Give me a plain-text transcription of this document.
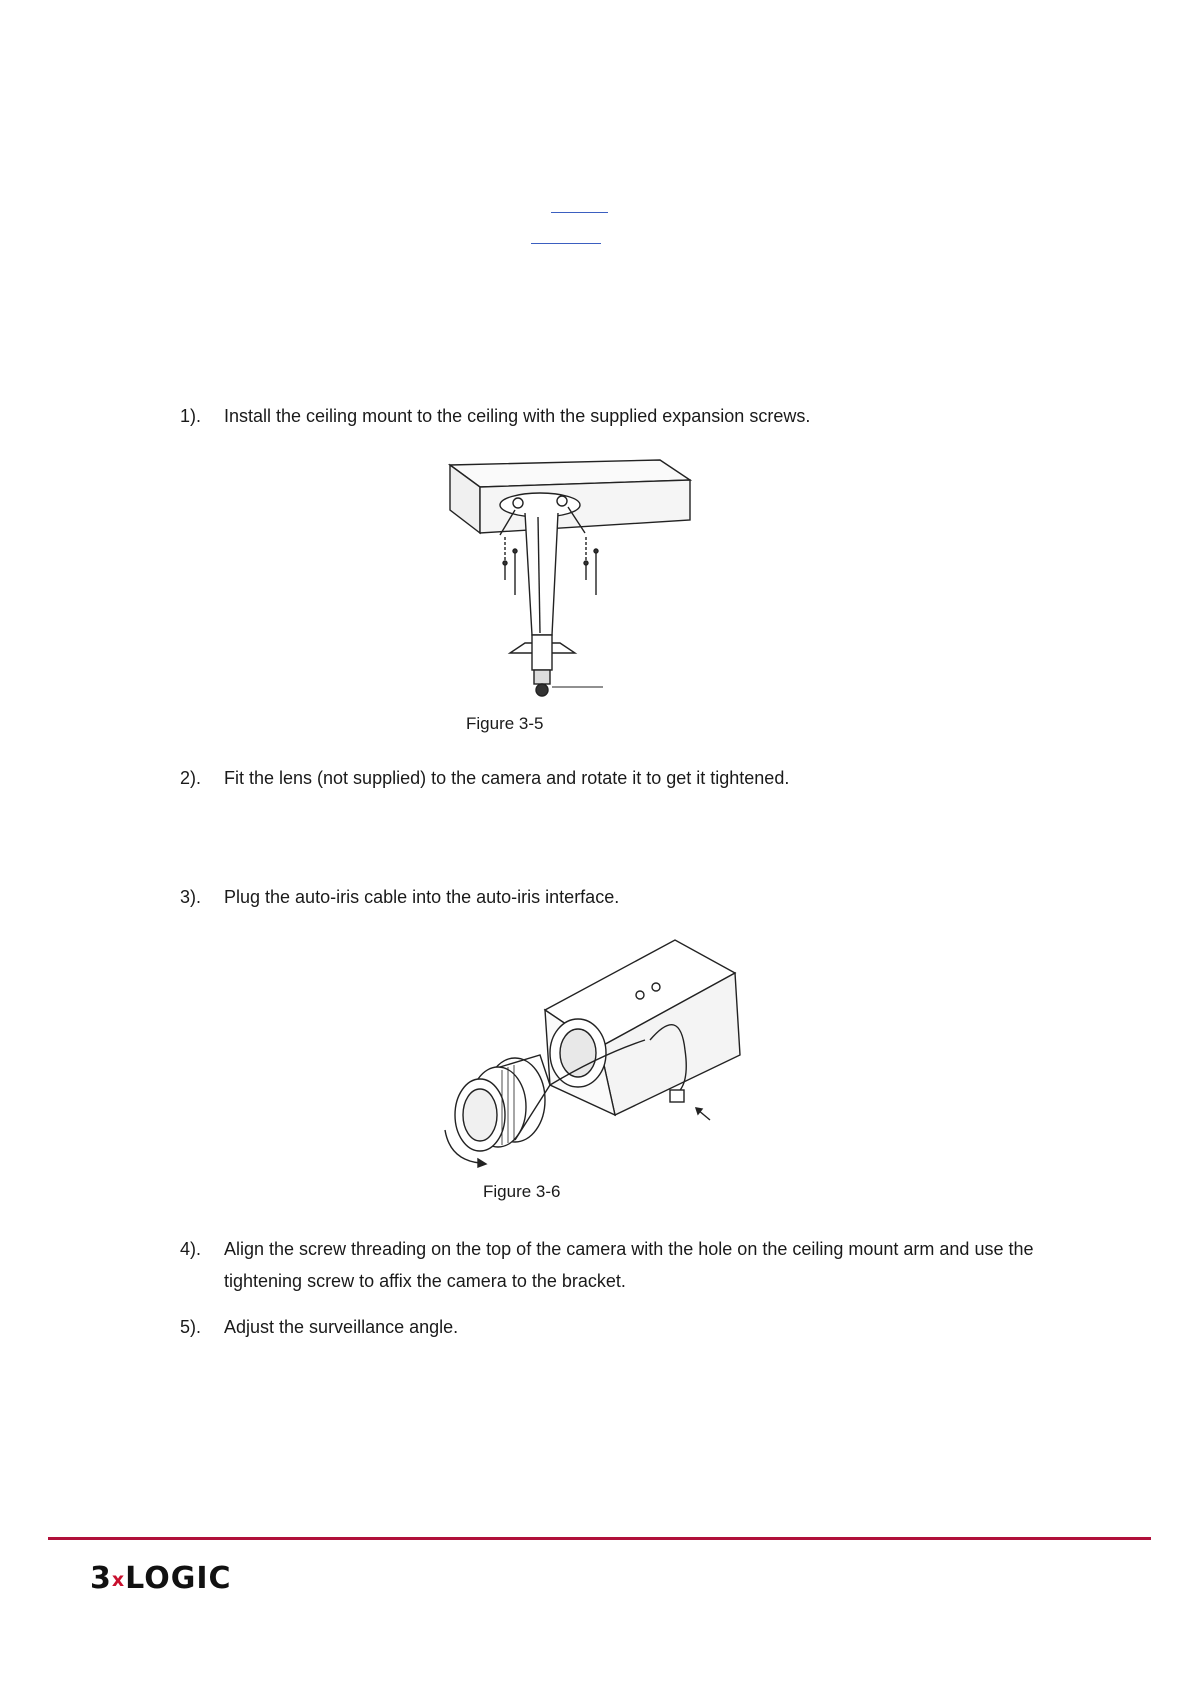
1).	Install the ceiling mount to the ceiling with the supplied expansion screws.
Figure 3-5
2).	Fit the lens (not supplied) to the camera and rotate it to get it tightened.
3).	Plug the auto-iris cable into the auto-iris interface.
Figure 3-6
4).	Align the screw threading on the top of the camera with the hole on the ceiling mount arm and use the tightening screw to affix the camera to the bracket.
5).	Adjust the surveillance angle.
3xLOGIC
